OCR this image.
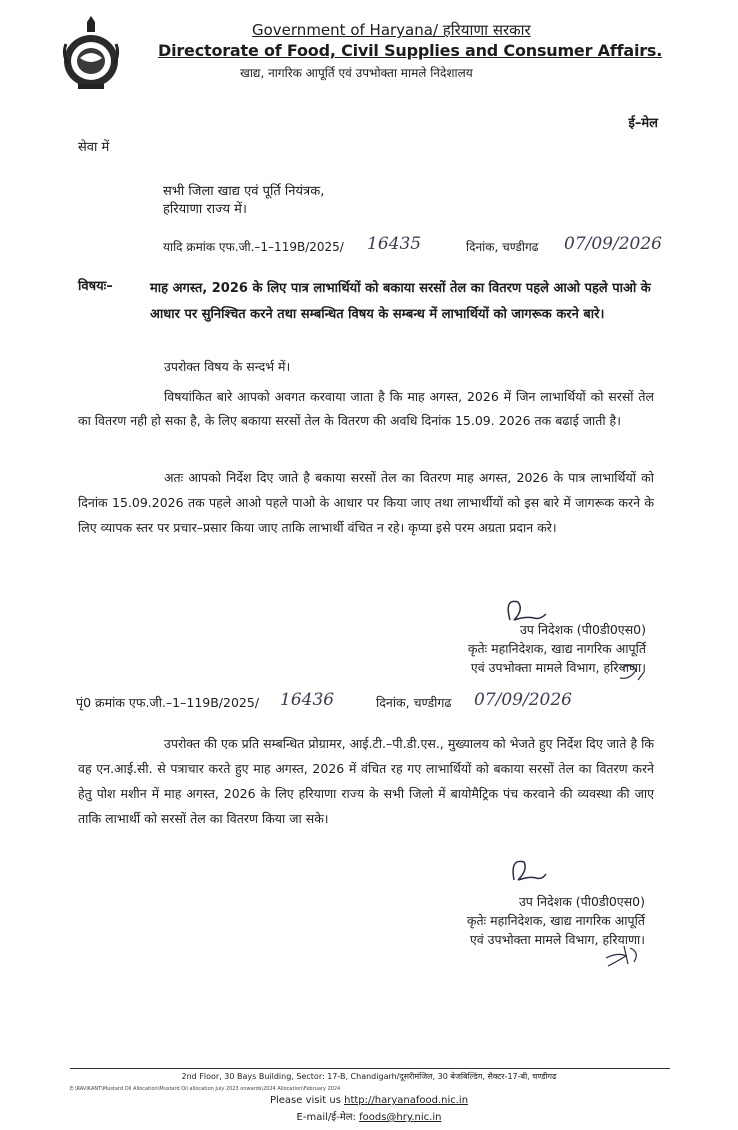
Government of Haryana/ हरियाणा सरकार
Directorate of Food, Civil Supplies and Consumer Affairs.
खाद्य, नागरिक आपूर्ति एवं उपभोक्ता मामले निदेशालय
ई–मेल
सेवा में
सभी जिला खाद्य एवं पूर्ति नियंत्रक,
हरियाणा राज्य में।
यादि क्रमांक एफ.जी.–1–119B/2025/ 16435	दिनांक, चण्डीगढ 07/09/2026
विषयः–	माह अगस्त, 2026 के लिए पात्र लाभार्थियों को बकाया सरसों तेल का वितरण पहले आओ पहले पाओ के आधार पर सुनिश्चित करने तथा सम्बन्धित विषय के सम्बन्ध में लाभार्थियों को जागरूक करने बारे।
उपरोक्त विषय के सन्दर्भ में।
विषयांकित बारे आपको अवगत करवाया जाता है कि माह अगस्त, 2026 में जिन लाभार्थियों को सरसों तेल का वितरण नही हो सका है, के लिए बकाया सरसों तेल के वितरण की अवधि दिनांक 15.09. 2026 तक बढाई जाती है।
अतः आपको निर्देश दिए जाते है बकाया सरसों तेल का वितरण माह अगस्त, 2026 के पात्र लाभार्थियों को दिनांक 15.09.2026 तक पहले आओ पहले पाओ के आधार पर किया जाए तथा लाभार्थीयों को इस बारे में जागरूक करने के लिए व्यापक स्तर पर प्रचार–प्रसार किया जाए ताकि लाभार्थी वंचित न रहे। कृप्या इसे परम अग्रता प्रदान करे।
उप निदेशक (पी0डी0एस0)
कृतेः महानिदेशक, खाद्य नागरिक आपूर्ति
एवं उपभोक्ता मामले विभाग, हरियाणा।
पृं0 क्रमांक एफ.जी.–1–119B/2025/ 16436	दिनांक, चण्डीगढ 07/09/2026
उपरोक्त की एक प्रति सम्बन्धित प्रोग्रामर, आई.टी.–पी.डी.एस., मुख्यालय को भेजते हुए निर्देश दिए जाते है कि वह एन.आई.सी. से पत्राचार करते हुए माह अगस्त, 2026 में वंचित रह गए लाभार्थियों को बकाया सरसों तेल का वितरण करने हेतु पोश मशीन में माह अगस्त, 2026 के लिए हरियाणा राज्य के सभी जिलो में बायोमैट्रिक पंच करवाने की व्यवस्था की जाए ताकि लाभार्थी को सरसों तेल का वितरण किया जा सके।
उप निदेशक (पी0डी0एस0)
कृतेः महानिदेशक, खाद्य नागरिक आपूर्ति
एवं उपभोक्ता मामले विभाग, हरियाणा।
2nd Floor, 30 Bays Building, Sector: 17-B, Chandigarh/दूसरीमंजिल, 30 बेजबिल्डिंग, सैक्टर-17-बी, चण्डीगढ
E:\RAVIKANT\Mustard Oil Allocation\Mustard Oil allocation July 2023 onwards\2024 Allocation\February 2024
Please visit us http://haryanafood.nic.in
E-mail/ई-मेल: foods@hry.nic.in
